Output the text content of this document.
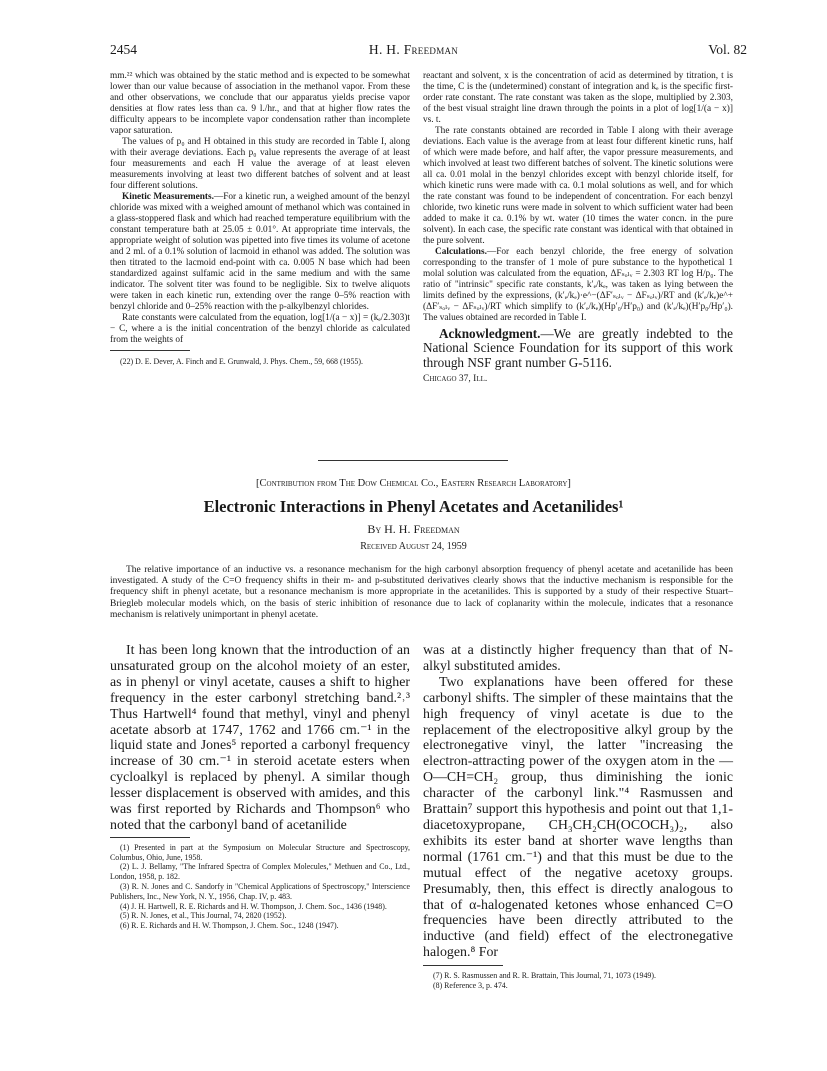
2454	H. H. Freedman	Vol. 82

mm.²² which was obtained by the static method and is expected to be somewhat lower than our value because of association in the methanol vapor. From these and other observations, we conclude that our apparatus yields precise vapor densities at flow rates less than ca. 9 l./hr., and that at higher flow rates the difficulty appears to be incomplete vapor condensation rather than incomplete vapor saturation.

The values of p₀ and H obtained in this study are recorded in Table I, along with their average deviations. Each p₀ value represents the average of at least four measurements and each H value the average of at least eleven measurements involving at least two different batches of solvent and at least four different solutions.

Kinetic Measurements.—For a kinetic run, a weighed amount of the benzyl chloride was mixed with a weighed amount of methanol which was contained in a glass-stoppered flask and which had reached temperature equilibrium with the constant temperature bath at 25.05 ± 0.01°. At appropriate time intervals, the appropriate weight of solution was pipetted into five times its volume of acetone and 2 ml. of a 0.1% solution of lacmoid in ethanol was added. The solution was then titrated to the lacmoid end-point with ca. 0.005 N base which had been standardized against sulfamic acid in the same medium and with the same indicator. The solvent titer was found to be negligible. Six to twelve aliquots were taken in each kinetic run, extending over the range 0–5% reaction with benzyl chloride and 0–25% reaction with the p-alkylbenzyl chlorides.

Rate constants were calculated from the equation, log[1/(a − x)] = (kₑ/2.303)t − C, where a is the initial concentration of the benzyl chloride as calculated from the weights of

(22) D. E. Dever, A. Finch and E. Grunwald, J. Phys. Chem., 59, 668 (1955).

reactant and solvent, x is the concentration of acid as determined by titration, t is the time, C is the (undetermined) constant of integration and kₑ is the specific first-order rate constant. The rate constant was taken as the slope, multiplied by 2.303, of the best visual straight line drawn through the points in a plot of log[1/(a − x)] vs. t.

The rate constants obtained are recorded in Table I along with their average deviations. Each value is the average from at least four different kinetic runs, half of which were made before, and half after, the vapor pressure measurements, and which involved at least two different batches of solvent. The kinetic solutions were all ca. 0.01 molal in the benzyl chlorides except with benzyl chloride itself, for which kinetic runs were made with ca. 0.1 molal solutions as well, and for which the rate constant was found to be independent of concentration. For each benzyl chloride, two kinetic runs were made in solvent to which sufficient water had been added to make it ca. 0.1% by wt. water (10 times the water concn. in the pure solvent). In each case, the specific rate constant was identical with that obtained in the pure solvent.

Calculations.—For each benzyl chloride, the free energy of solvation corresponding to the transfer of 1 mole of pure substance to the hypothetical 1 molal solution was calculated from the equation, ΔFₛₒₗᵥ = 2.303 RT log H/p₀. The ratio of "intrinsic" specific rate constants, k′ₑ/kₑ, was taken as lying between the limits defined by the expressions, (k′ₑ/kₑ)·e^−(ΔF′ₛₒₗᵥ − ΔFₛₒₗᵥ)/RT and (k′ₑ/kₑ)e^+(ΔF′ₛₒₗᵥ − ΔFₛₒₗᵥ)/RT which simplify to (k′ₑ/kₑ)(Hp′₀/H′p₀) and (k′ₑ/kₑ)(H′p₀/Hp′₀). The values obtained are recorded in Table I.

Acknowledgment.—We are greatly indebted to the National Science Foundation for its support of this work through NSF grant number G-5116.
Chicago 37, Ill.
[Contribution from The Dow Chemical Co., Eastern Research Laboratory]
Electronic Interactions in Phenyl Acetates and Acetanilides¹
By H. H. Freedman
Received August 24, 1959
The relative importance of an inductive vs. a resonance mechanism for the high carbonyl absorption frequency of phenyl acetate and acetanilide has been investigated. A study of the C=O frequency shifts in their m- and p-substituted derivatives clearly shows that the inductive mechanism is responsible for the frequency shift in phenyl acetate, but a resonance mechanism is more appropriate in the acetanilides. This is supported by a study of their respective Stuart–Briegleb molecular models which, on the basis of steric inhibition of resonance due to lack of coplanarity within the molecule, indicates that a resonance mechanism is relatively unimportant in phenyl acetate.

It has been long known that the introduction of an unsaturated group on the alcohol moiety of an ester, as in phenyl or vinyl acetate, causes a shift to higher frequency in the ester carbonyl stretching band.²˒³ Thus Hartwell⁴ found that methyl, vinyl and phenyl acetate absorb at 1747, 1762 and 1766 cm.⁻¹ in the liquid state and Jones⁵ reported a carbonyl frequency increase of 30 cm.⁻¹ in steroid acetate esters when cycloalkyl is replaced by phenyl. A similar though lesser displacement is observed with amides, and this was first reported by Richards and Thompson⁶ who noted that the carbonyl band of acetanilide

(1) Presented in part at the Symposium on Molecular Structure and Spectroscopy, Columbus, Ohio, June, 1958.

(2) L. J. Bellamy, "The Infrared Spectra of Complex Molecules," Methuen and Co., Ltd., London, 1958, p. 182.

(3) R. N. Jones and C. Sandorfy in "Chemical Applications of Spectroscopy," Interscience Publishers, Inc., New York, N. Y., 1956, Chap. IV, p. 483.

(4) J. H. Hartwell, R. E. Richards and H. W. Thompson, J. Chem. Soc., 1436 (1948).

(5) R. N. Jones, et al., This Journal, 74, 2820 (1952).

(6) R. E. Richards and H. W. Thompson, J. Chem. Soc., 1248 (1947).

was at a distinctly higher frequency than that of N-alkyl substituted amides.

Two explanations have been offered for these carbonyl shifts. The simpler of these maintains that the high frequency of vinyl acetate is due to the replacement of the electropositive alkyl group by the electronegative vinyl, the latter "increasing the electron-attracting power of the oxygen atom in the —O—CH=CH₂ group, thus diminishing the ionic character of the carbonyl link."⁴ Rasmussen and Brattain⁷ support this hypothesis and point out that 1,1-diacetoxypropane, CH₃CH₂CH(OCOCH₃)₂, also exhibits its ester band at shorter wave lengths than normal (1761 cm.⁻¹) and that this must be due to the mutual effect of the negative acetoxy groups. Presumably, then, this effect is directly analogous to that of α-halogenated ketones whose enhanced C=O frequencies have been directly attributed to the inductive (and field) effect of the electronegative halogen.⁸ For

(7) R. S. Rasmussen and R. R. Brattain, This Journal, 71, 1073 (1949).

(8) Reference 3, p. 474.
